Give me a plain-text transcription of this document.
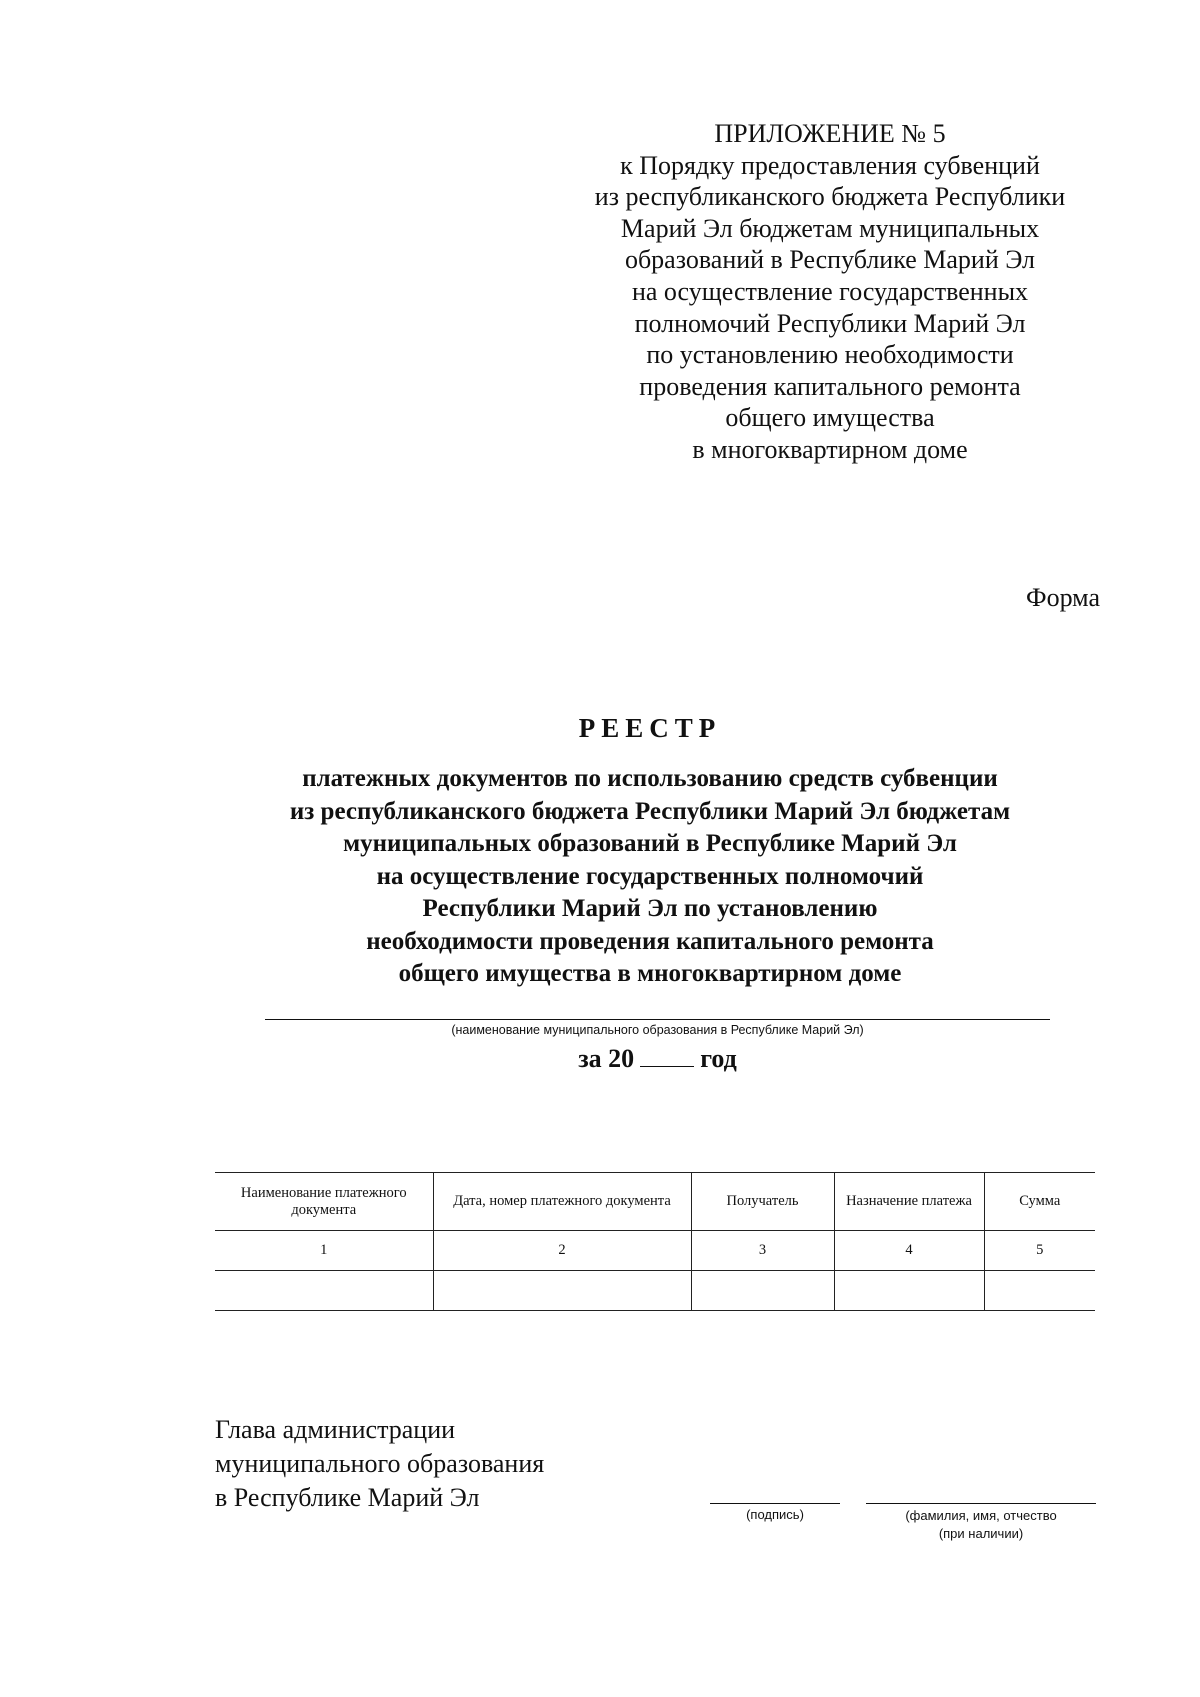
ПРИЛОЖЕНИЕ № 5
к Порядку предоставления субвенций
из республиканского бюджета Республики
Марий Эл бюджетам муниципальных
образований в Республике Марий Эл
на осуществление государственных
полномочий Республики Марий Эл
по установлению необходимости
проведения капитального ремонта
общего имущества
в многоквартирном доме
Форма
РЕЕСТР
платежных документов по использованию средств субвенции
из республиканского бюджета Республики Марий Эл бюджетам
муниципальных образований в Республике Марий Эл
на осуществление государственных полномочий
Республики Марий Эл по установлению
необходимости проведения капитального ремонта
общего имущества в многоквартирном доме
(наименование муниципального образования в Республике Марий Эл)
за 20	год
Наименование платежного документа	Дата, номер платежного документа	Получатель	Назначение платежа	Сумма
1	2	3	4	5

Глава администрации
муниципального образования
в Республике Марий Эл
(подпись)	(фамилия, имя, отчество
(при наличии)
